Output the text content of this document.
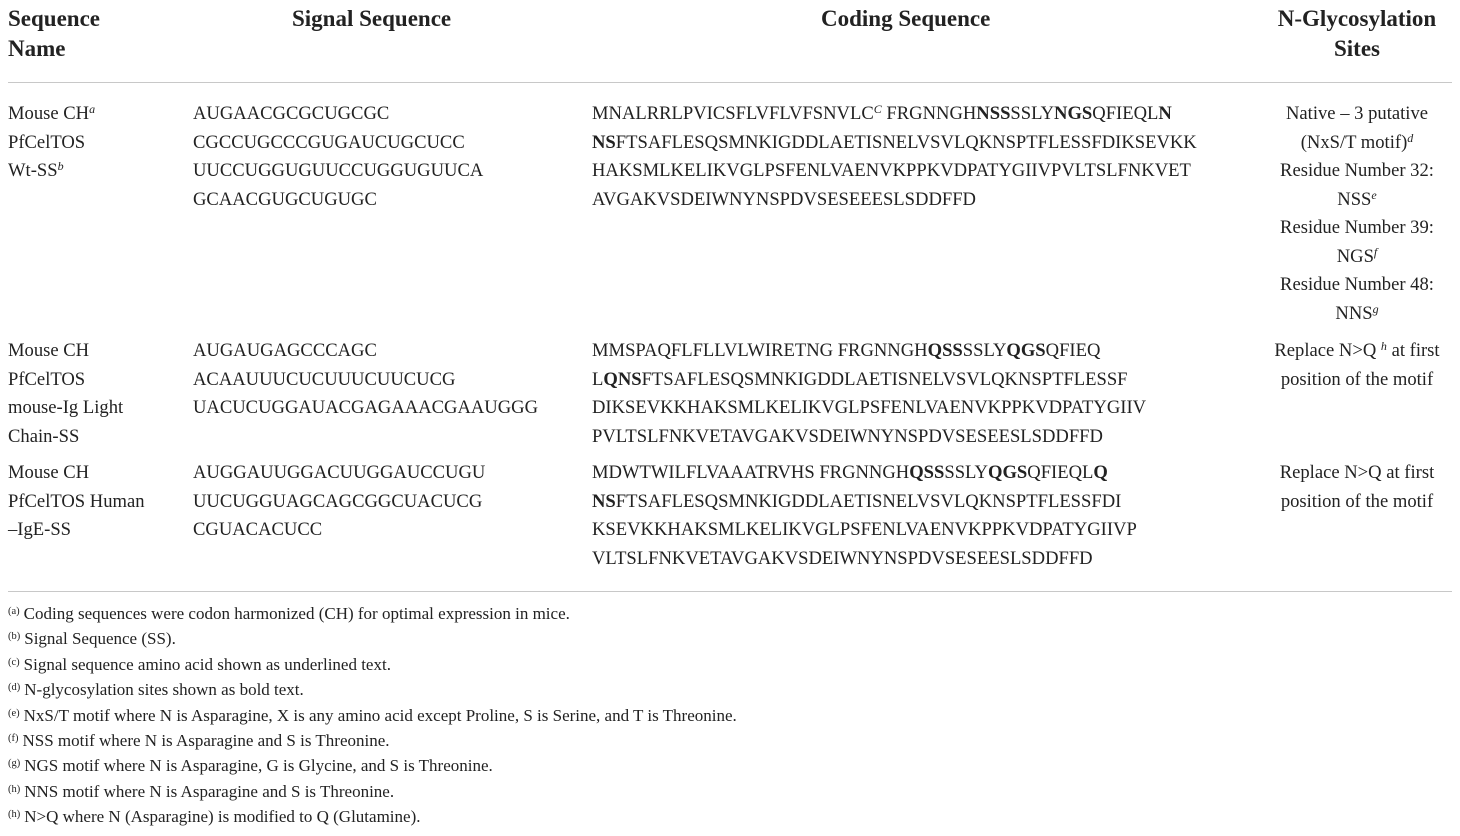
Sequence
Name
Signal Sequence	Coding Sequence	N-Glycosylation
Sites
Mouse $CH^a$
PfCelTOS
$Wt-SS^b$
AUGAACGCGCUGCGC
CGCCUGCCCGUGAUCUGCUCC
UUCCUGGUGUUCCUGGUGUUCA
GCAACGUGCUGUGC
$MNALRRLPVICSFLVFLVFSNVLC^C$ FRGNNGHNSSSSLYNGSQFIEQLN
NSFTSAFLESQSMNKIGDDLAETISNELVSVLQKNSPTFLESSFDIKSEVKK
HAKSMLKELIKVGLPSFENLVAENVKPPKVDPATYGIIVPVLTSLFNKVET
AVGAKVSDEIWNYNSPDVSESEEESLSDDFFD
Native – 3 putative
(NxS/T motif)$^d$
Residue Number 32:
NSS$^e$
Residue Number 39:
NGS$^f$
Residue Number 48:
NNS$^g$
Mouse CH
PfCelTOS
mouse-Ig Light
Chain-SS
AUGAUGAGCCCAGC
ACAAUUUCUCUUUCUUCUCG
UACUCUGGAUACGAGAAACGAAUGGG
MMSPAQFLFLLVLWIRETNG FRGNNGHQSSSSLYQGSQFIEQ
LQNSFTSAFLESQSMNKIGDDLAETISNELVSVLQKNSPTFLESSF
DIKSEVKKHAKSMLKELIKVGLPSFENLVAENVKPPKVDPATYGIIV
PVLTSLFNKVETAVGAKVSDEIWNYNSPDVSESEESLSDDFFD
Replace N>Q $^h$ at first
position of the motif
Mouse CH
PfCelTOS Human
–IgE-SS
AUGGAUUGGACUUGGAUCCUGU
UUCUGGUAGCAGCGGCUACUCG
CGUACACUCC
MDWTWILFLVAAATRVHS FRGNNGHQSSSSLYQGSQFIEQLQ
NSFTSAFLESQSMNKIGDDLAETISNELVSVLQKNSPTFLESSFDI
KSEVKKHAKSMLKELIKVGLPSFENLVAENVKPPKVDPATYGIIVP
VLTSLFNKVETAVGAKVSDEIWNYNSPDVSESEESLSDDFFD
Replace N>Q at first
position of the motif
$^{(a)}$ Coding sequences were codon harmonized (CH) for optimal expression in mice.
$^{(b)}$ Signal Sequence (SS).
$^{(c)}$ Signal sequence amino acid shown as underlined text.
$^{(d)}$ N-glycosylation sites shown as bold text.
$^{(e)}$ NxS/T motif where N is Asparagine, X is any amino acid except Proline, S is Serine, and T is Threonine.
$^{(f)}$ NSS motif where N is Asparagine and S is Threonine.
$^{(g)}$ NGS motif where N is Asparagine, G is Glycine, and S is Threonine.
$^{(h)}$ NNS motif where N is Asparagine and S is Threonine.
$^{(h)}$ N>Q where N (Asparagine) is modified to Q (Glutamine).
